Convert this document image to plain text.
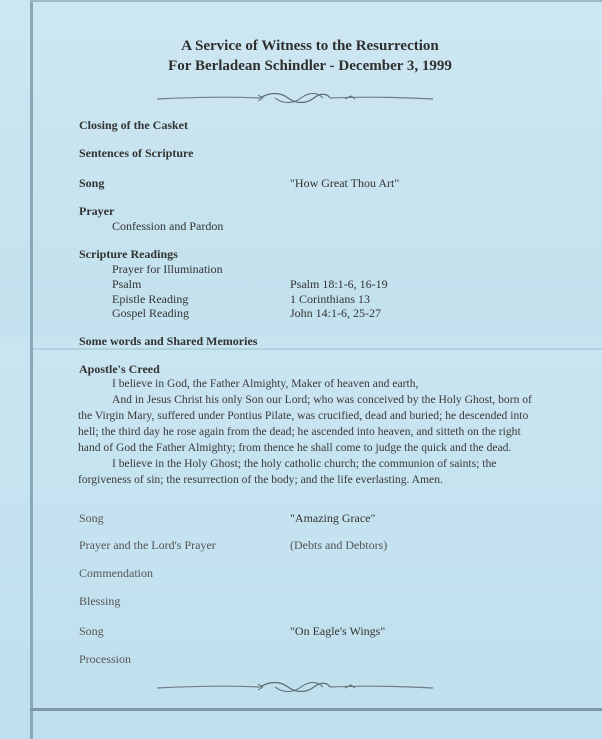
A Service of Witness to the Resurrection
For Berladean Schindler - December 3, 1999
Closing of the Casket
Sentences of Scripture
Song	"How Great Thou Art"
Prayer
Confession and Pardon
Scripture Readings
Prayer for Illumination
Psalm	Psalm 18:1-6, 16-19
Epistle Reading	1 Corinthians 13
Gospel Reading	John 14:1-6, 25-27
Some words and Shared Memories
Apostle's Creed

I believe in God, the Father Almighty, Maker of heaven and earth,

And in Jesus Christ his only Son our Lord; who was conceived by the Holy Ghost, born of the Virgin Mary, suffered under Pontius Pilate, was crucified, dead and buried; he descended into hell; the third day he rose again from the dead; he ascended into heaven, and sitteth on the right hand of God the Father Almighty; from thence he shall come to judge the quick and the dead.

I believe in the Holy Ghost; the holy catholic church; the communion of saints; the forgiveness of sin; the resurrection of the body; and the life everlasting. Amen.

Song	"Amazing Grace"
Prayer and the Lord's Prayer	(Debts and Debtors)
Commendation
Blessing
Song	"On Eagle's Wings"
Procession
